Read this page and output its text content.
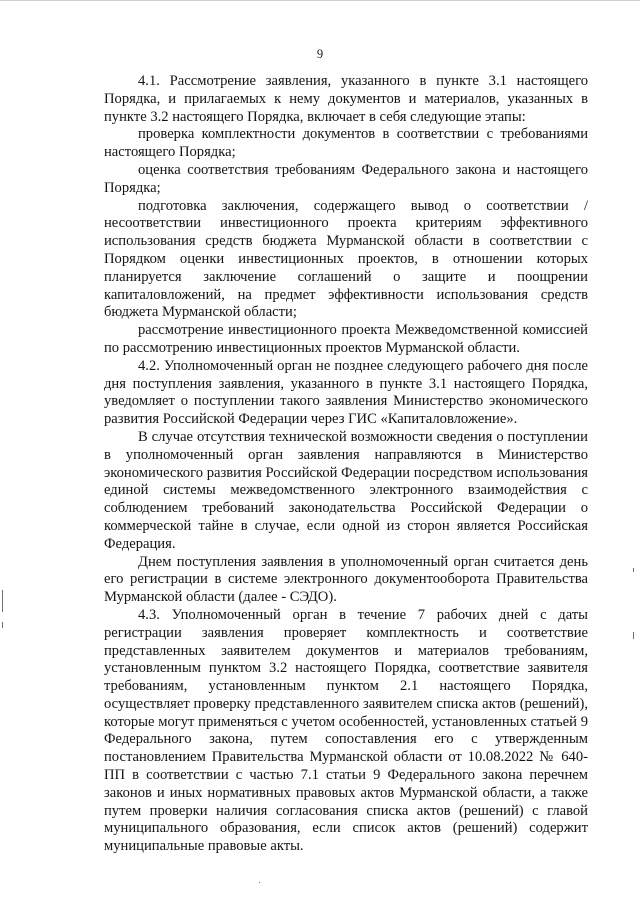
9

4.1. Рассмотрение заявления, указанного в пункте 3.1 настоящего Порядка, и прилагаемых к нему документов и материалов, указанных в пункте 3.2 настоящего Порядка, включает в себя следующие этапы:

проверка комплектности документов в соответствии с требованиями настоящего Порядка;

оценка соответствия требованиям Федерального закона и настоящего Порядка;

подготовка заключения, содержащего вывод о соответствии / несоответствии инвестиционного проекта критериям эффективного использования средств бюджета Мурманской области в соответствии с Порядком оценки инвестиционных проектов, в отношении которых планируется заключение соглашений о защите и поощрении капиталовложений, на предмет эффективности использования средств бюджета Мурманской области;

рассмотрение инвестиционного проекта Межведомственной комиссией по рассмотрению инвестиционных проектов Мурманской области.

4.2. Уполномоченный орган не позднее следующего рабочего дня после дня поступления заявления, указанного в пункте 3.1 настоящего Порядка, уведомляет о поступлении такого заявления Министерство экономического развития Российской Федерации через ГИС «Капиталовложение».

В случае отсутствия технической возможности сведения о поступлении в уполномоченный орган заявления направляются в Министерство экономического развития Российской Федерации посредством использования единой системы межведомственного электронного взаимодействия с соблюдением требований законодательства Российской Федерации о коммерческой тайне в случае, если одной из сторон является Российская Федерация.

Днем поступления заявления в уполномоченный орган считается день его регистрации в системе электронного документооборота Правительства Мурманской области (далее - СЭДО).

4.3. Уполномоченный орган в течение 7 рабочих дней с даты регистрации заявления проверяет комплектность и соответствие представленных заявителем документов и материалов требованиям, установленным пунктом 3.2 настоящего Порядка, соответствие заявителя требованиям, установленным пунктом 2.1 настоящего Порядка, осуществляет проверку представленного заявителем списка актов (решений), которые могут применяться с учетом особенностей, установленных статьей 9 Федерального закона, путем сопоставления его с утвержденным постановлением Правительства Мурманской области от 10.08.2022 № 640-ПП в соответствии с частью 7.1 статьи 9 Федерального закона перечнем законов и иных нормативных правовых актов Мурманской области, а также путем проверки наличия согласования списка актов (решений) с главой муниципального образования, если список актов (решений) содержит муниципальные правовые акты.
